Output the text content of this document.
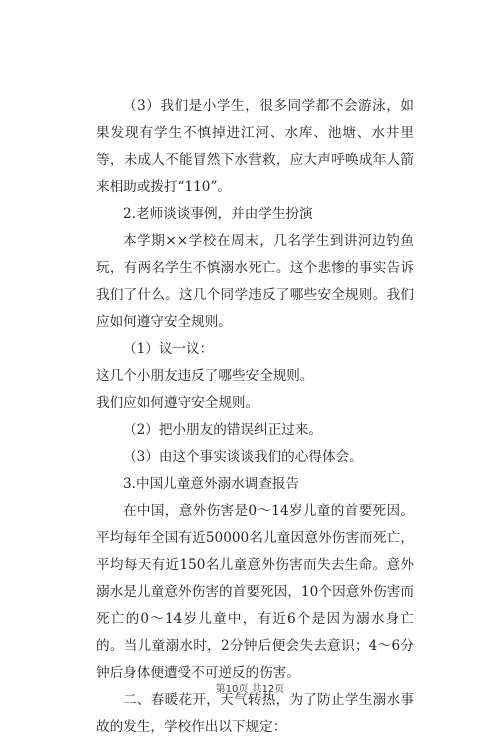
（3）我们是小学生，很多同学都不会游泳，如果发现有学生不慎掉进江河、水库、池塘、水井里等，未成人不能冒然下水营救，应大声呼唤成年人箭来相助或拨打“110”。

2.老师谈谈事例，并由学生扮演

本学期××学校在周末，几名学生到讲河边钓鱼玩，有两名学生不慎溺水死亡。这个悲惨的事实告诉我们了什么。这几个同学违反了哪些安全规则。我们应如何遵守安全规则。

（1）议一议：

这几个小朋友违反了哪些安全规则。

我们应如何遵守安全规则。

（2）把小朋友的错误纠正过来。

（3）由这个事实谈谈我们的心得体会。

3.中国儿童意外溺水调查报告

在中国，意外伤害是0～14岁儿童的首要死因。平均每年全国有近50000名儿童因意外伤害而死亡，平均每天有近150名儿童意外伤害而失去生命。意外溺水是儿童意外伤害的首要死因，10个因意外伤害而死亡的0～14岁儿童中，有近6个是因为溺水身亡的。当儿童溺水时，2分钟后便会失去意识；4～6分钟后身体便遭受不可逆反的伤害。

二、春暖花开，天气转热，为了防止学生溺水事故的发生，学校作出以下规定：

第10页 共12页
